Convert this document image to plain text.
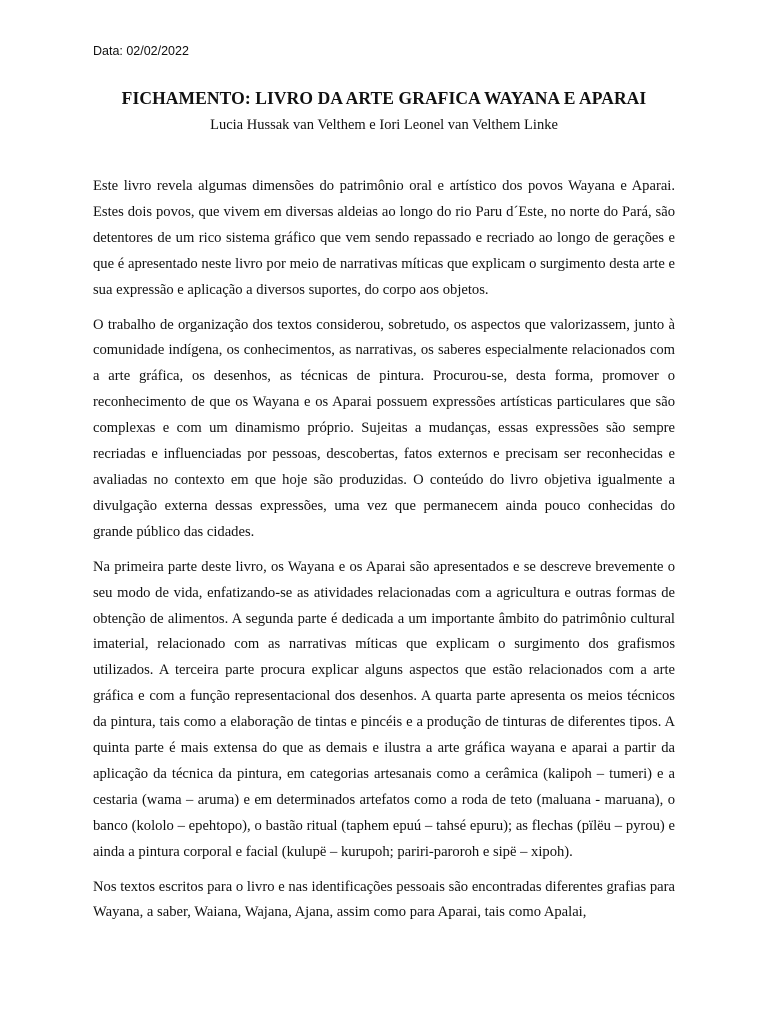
Data: 02/02/2022
FICHAMENTO: LIVRO DA ARTE GRAFICA WAYANA E APARAI
Lucia Hussak van Velthem e Iori Leonel van Velthem Linke

Este livro revela algumas dimensões do patrimônio oral e artístico dos povos Wayana e Aparai. Estes dois povos, que vivem em diversas aldeias ao longo do rio Paru d´Este, no norte do Pará, são detentores de um rico sistema gráfico que vem sendo repassado e recriado ao longo de gerações e que é apresentado neste livro por meio de narrativas míticas que explicam o surgimento desta arte e sua expressão e aplicação a diversos suportes, do corpo aos objetos.

O trabalho de organização dos textos considerou, sobretudo, os aspectos que valorizassem, junto à comunidade indígena, os conhecimentos, as narrativas, os saberes especialmente relacionados com a arte gráfica, os desenhos, as técnicas de pintura. Procurou-se, desta forma, promover o reconhecimento de que os Wayana e os Aparai possuem expressões artísticas particulares que são complexas e com um dinamismo próprio. Sujeitas a mudanças, essas expressões são sempre recriadas e influenciadas por pessoas, descobertas, fatos externos e precisam ser reconhecidas e avaliadas no contexto em que hoje são produzidas. O conteúdo do livro objetiva igualmente a divulgação externa dessas expressões, uma vez que permanecem ainda pouco conhecidas do grande público das cidades.

Na primeira parte deste livro, os Wayana e os Aparai são apresentados e se descreve brevemente o seu modo de vida, enfatizando-se as atividades relacionadas com a agricultura e outras formas de obtenção de alimentos. A segunda parte é dedicada a um importante âmbito do patrimônio cultural imaterial, relacionado com as narrativas míticas que explicam o surgimento dos grafismos utilizados. A terceira parte procura explicar alguns aspectos que estão relacionados com a arte gráfica e com a função representacional dos desenhos. A quarta parte apresenta os meios técnicos da pintura, tais como a elaboração de tintas e pincéis e a produção de tinturas de diferentes tipos. A quinta parte é mais extensa do que as demais e ilustra a arte gráfica wayana e aparai a partir da aplicação da técnica da pintura, em categorias artesanais como a cerâmica (kalipoh – tumeri) e a cestaria (wama – aruma) e em determinados artefatos como a roda de teto (maluana - maruana), o banco (kololo – epehtopo), o bastão ritual (taphem epuú – tahsé epuru); as flechas (pïlëu – pyrou) e ainda a pintura corporal e facial (kulupë – kurupoh; pariri-paroroh e sipë – xipoh).

Nos textos escritos para o livro e nas identificações pessoais são encontradas diferentes grafias para Wayana, a saber, Waiana, Wajana, Ajana, assim como para Aparai, tais como Apalai,
